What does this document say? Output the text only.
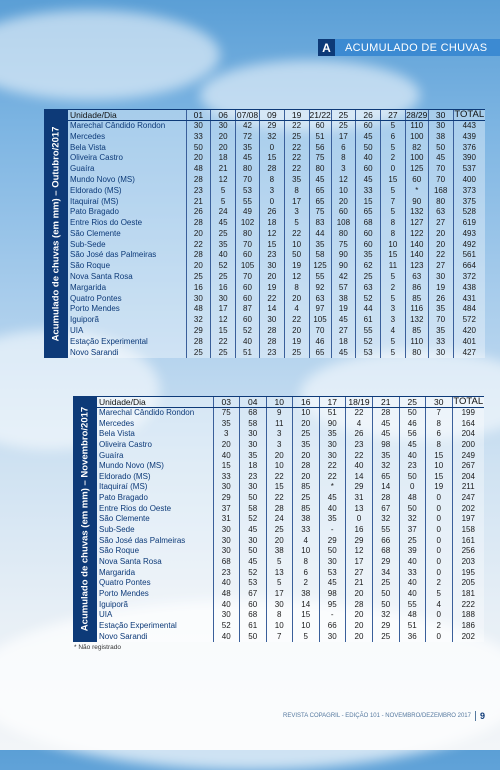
A	ACUMULADO DE CHUVAS
Acumulado de chuvas (em mm) – Outubro/2017
Unidade/Dia	01	06	07/08	09	19	21/22	25	26	27	28/29	30	TOTAL
Marechal Cândido Rondon	30	30	42	29	22	60	25	60	5	110	30	443
Mercedes	33	20	72	32	25	51	17	45	6	100	38	439
Bela Vista	50	20	35	0	22	56	6	50	5	82	50	376
Oliveira Castro	20	18	45	15	22	75	8	40	2	100	45	390
Guaíra	48	21	80	28	22	80	3	60	0	125	70	537
Mundo Novo (MS)	28	12	70	8	35	45	12	45	15	60	70	400
Eldorado (MS)	23	5	53	3	8	65	10	33	5	*	168	373
Itaquiraí (MS)	21	5	55	0	17	65	20	15	7	90	80	375
Pato Bragado	26	24	49	26	3	75	60	65	5	132	63	528
Entre Rios do Oeste	28	45	102	18	5	83	108	68	8	127	27	619
São Clemente	20	25	80	12	22	44	80	60	8	122	20	493
Sub-Sede	22	35	70	15	10	35	75	60	10	140	20	492
São José das Palmeiras	28	40	60	23	50	58	90	35	15	140	22	561
São Roque	20	52	105	30	19	125	90	62	11	123	27	664
Nova Santa Rosa	25	25	70	20	12	55	42	25	5	63	30	372
Margarida	16	16	60	19	8	92	57	63	2	86	19	438
Quatro Pontes	30	30	60	22	20	63	38	52	5	85	26	431
Porto Mendes	48	17	87	14	4	97	19	44	3	116	35	484
Iguiporã	32	12	60	30	22	105	45	61	3	132	70	572
UIA	29	15	52	28	20	70	27	55	4	85	35	420
Estação Experimental	28	22	40	28	19	46	18	52	5	110	33	401
Novo Sarandi	25	25	51	23	25	65	45	53	5	80	30	427
Acumulado de chuvas (em mm) – Novembro/2017
Unidade/Dia	03	04	10	16	17	18/19	21	25	30	TOTAL
Marechal Cândido Rondon	75	68	9	10	51	22	28	50	7	199
Mercedes	35	58	11	20	90	4	45	46	8	164
Bela Vista	3	30	3	25	35	26	45	56	6	204
Oliveira Castro	20	30	3	35	30	23	98	45	8	200
Guaíra	40	35	20	20	30	22	35	40	15	249
Mundo Novo (MS)	15	18	10	28	22	40	32	23	10	267
Eldorado (MS)	33	23	22	20	22	14	65	50	15	204
Itaquiraí (MS)	30	30	15	85	*	29	14	0	19	211
Pato Bragado	29	50	22	25	45	31	28	48	0	247
Entre Rios do Oeste	37	58	28	85	40	13	67	50	0	202
São Clemente	31	52	24	38	35	0	32	32	0	197
Sub-Sede	30	45	25	33	-	16	55	37	0	158
São José das Palmeiras	30	30	20	4	29	29	66	25	0	161
São Roque	30	50	38	10	50	12	68	39	0	256
Nova Santa Rosa	68	45	5	8	30	17	29	40	0	203
Margarida	23	52	13	6	53	27	34	33	0	195
Quatro Pontes	40	53	5	2	45	21	25	40	2	205
Porto Mendes	48	67	17	38	98	20	50	40	5	181
Iguiporã	40	60	30	14	95	28	50	55	4	222
UIA	30	68	8	15	-	20	32	48	0	188
Estação Experimental	52	61	10	10	66	20	29	51	2	186
Novo Sarandi	40	50	7	5	30	20	25	36	0	202
* Não registrado
REVISTA COPAGRIL - EDIÇÃO 101 - NOVEMBRO/DEZEMBRO 2017 9
